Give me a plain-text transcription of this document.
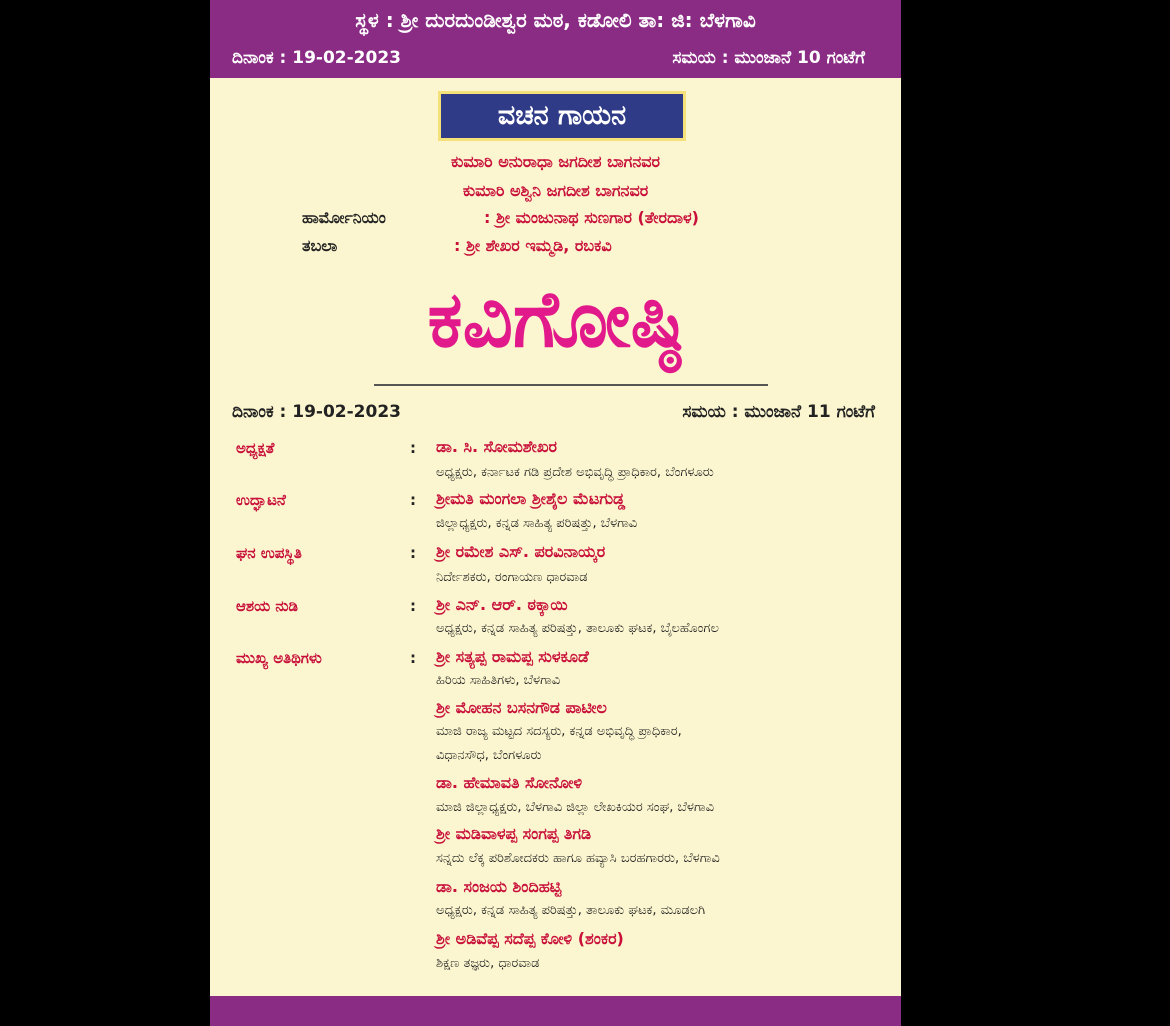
ಸ್ಥಳ : ಶ್ರೀ ದುರದುಂಡೀಶ್ವರ ಮಠ, ಕಡೋಲಿ ತಾ: ಜಿ: ಬೆಳಗಾವಿ
ದಿನಾಂಕ : 19-02-2023	ಸಮಯ : ಮುಂಜಾನೆ 10 ಗಂಟೆಗೆ
ವಚನ ಗಾಯನ
ಕುಮಾರಿ ಅನುರಾಧಾ ಜಗದೀಶ ಬಾಗನವರ
ಕುಮಾರಿ ಅಶ್ವಿನಿ ಜಗದೀಶ ಬಾಗನವರ
ಹಾರ್ಮೋನಿಯಂ	: ಶ್ರೀ ಮಂಜುನಾಥ ಸುಣಗಾರ (ತೇರದಾಳ)
ತಬಲಾ	: ಶ್ರೀ ಶೇಖರ ಇಮ್ಮಡಿ, ರಬಕವಿ
ಕವಿಗೋಷ್ಠಿ
ದಿನಾಂಕ : 19-02-2023	ಸಮಯ : ಮುಂಜಾನೆ 11 ಗಂಟೆಗೆ
ಅಧ್ಯಕ್ಷತೆ	: ಡಾ. ಸಿ. ಸೋಮಶೇಖರ
ಅಧ್ಯಕ್ಷರು, ಕರ್ನಾಟಕ ಗಡಿ ಪ್ರದೇಶ ಅಭಿವೃದ್ಧಿ ಪ್ರಾಧಿಕಾರ, ಬೆಂಗಳೂರು
ಉದ್ಘಾಟನೆ	: ಶ್ರೀಮತಿ ಮಂಗಲಾ ಶ್ರೀಶೈಲ ಮೆಟಗುಡ್ಡ
ಜಿಲ್ಲಾಧ್ಯಕ್ಷರು, ಕನ್ನಡ ಸಾಹಿತ್ಯ ಪರಿಷತ್ತು, ಬೆಳಗಾವಿ
ಘನ ಉಪಸ್ಥಿತಿ	: ಶ್ರೀ ರಮೇಶ ಎಸ್. ಪರವಿನಾಯ್ಕರ
ನಿರ್ದೇಶಕರು, ರಂಗಾಯಣ ಧಾರವಾಡ
ಆಶಯ ನುಡಿ	: ಶ್ರೀ ಎನ್. ಆರ್. ಠಕ್ಕಾಯಿ
ಅಧ್ಯಕ್ಷರು, ಕನ್ನಡ ಸಾಹಿತ್ಯ ಪರಿಷತ್ತು, ತಾಲೂಕು ಘಟಕ, ಬೈಲಹೊಂಗಲ
ಮುಖ್ಯ ಅತಿಥಿಗಳು	: ಶ್ರೀ ಸತ್ಯಪ್ಪ ರಾಮಪ್ಪ ಸುಳಕೂಡೆ
ಹಿರಿಯ ಸಾಹಿತಿಗಳು, ಬೆಳಗಾವಿ
ಶ್ರೀ ಮೋಹನ ಬಸನಗೌಡ ಪಾಟೀಲ
ಮಾಜಿ ರಾಜ್ಯ ಮಟ್ಟದ ಸದಸ್ಯರು, ಕನ್ನಡ ಅಭಿವೃದ್ಧಿ ಪ್ರಾಧಿಕಾರ,
ವಿಧಾನಸೌಧ, ಬೆಂಗಳೂರು
ಡಾ. ಹೇಮಾವತಿ ಸೋನೋಳಿ
ಮಾಜಿ ಜಿಲ್ಲಾಧ್ಯಕ್ಷರು, ಬೆಳಗಾವಿ ಜಿಲ್ಲಾ ಲೇಖಕಿಯರ ಸಂಘ, ಬೆಳಗಾವಿ
ಶ್ರೀ ಮಡಿವಾಳಪ್ಪ ಸಂಗಪ್ಪ ತಿಗಡಿ
ಸನ್ನದು ಲೆಕ್ಕ ಪರಿಶೋದಕರು ಹಾಗೂ ಹವ್ಯಾಸಿ ಬರಹಗಾರರು, ಬೆಳಗಾವಿ
ಡಾ. ಸಂಜಯ ಶಿಂದಿಹಟ್ಟಿ
ಅಧ್ಯಕ್ಷರು, ಕನ್ನಡ ಸಾಹಿತ್ಯ ಪರಿಷತ್ತು, ತಾಲೂಕು ಘಟಕ, ಮೂಡಲಗಿ
ಶ್ರೀ ಅಡಿವೆಪ್ಪ ಸದೆಪ್ಪ ಕೋಳಿ (ಶಂಕರ)
ಶಿಕ್ಷಣ ತಜ್ಞರು, ಧಾರವಾಡ
